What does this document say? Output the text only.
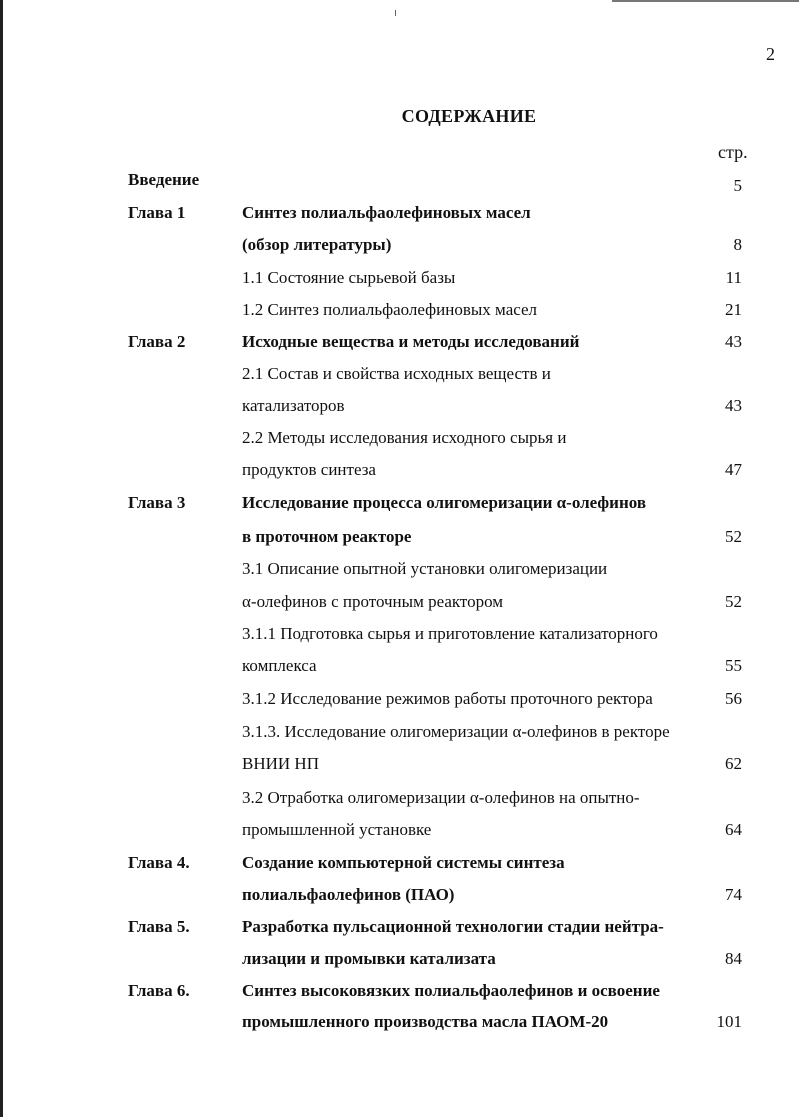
2
СОДЕРЖАНИЕ
стр.
Введение	5
Глава 1	Синтез полиальфаолефиновых масел
(обзор литературы)	8
1.1 Состояние сырьевой базы	11
1.2 Синтез полиальфаолефиновых масел	21
Глава 2	Исходные вещества и методы исследований	43
2.1 Состав и свойства исходных веществ и
катализаторов	43
2.2 Методы исследования исходного сырья и
продуктов синтеза	47
Глава 3	Исследование процесса олигомеризации α-олефинов
в проточном реакторе	52
3.1 Описание опытной установки олигомеризации
α-олефинов с проточным реактором	52
3.1.1 Подготовка сырья и приготовление катализаторного
комплекса	55
3.1.2 Исследование режимов работы проточного ректора	56
3.1.3. Исследование олигомеризации α-олефинов в ректоре
ВНИИ НП	62
3.2 Отработка олигомеризации α-олефинов на опытно-
промышленной установке	64
Глава 4.	Создание компьютерной системы синтеза
полиальфаолефинов (ПАО)	74
Глава 5.	Разработка пульсационной технологии стадии нейтра-
лизации и промывки катализата	84
Глава 6.	Синтез высоковязких полиальфаолефинов и освоение
промышленного производства масла ПАОМ-20	101
